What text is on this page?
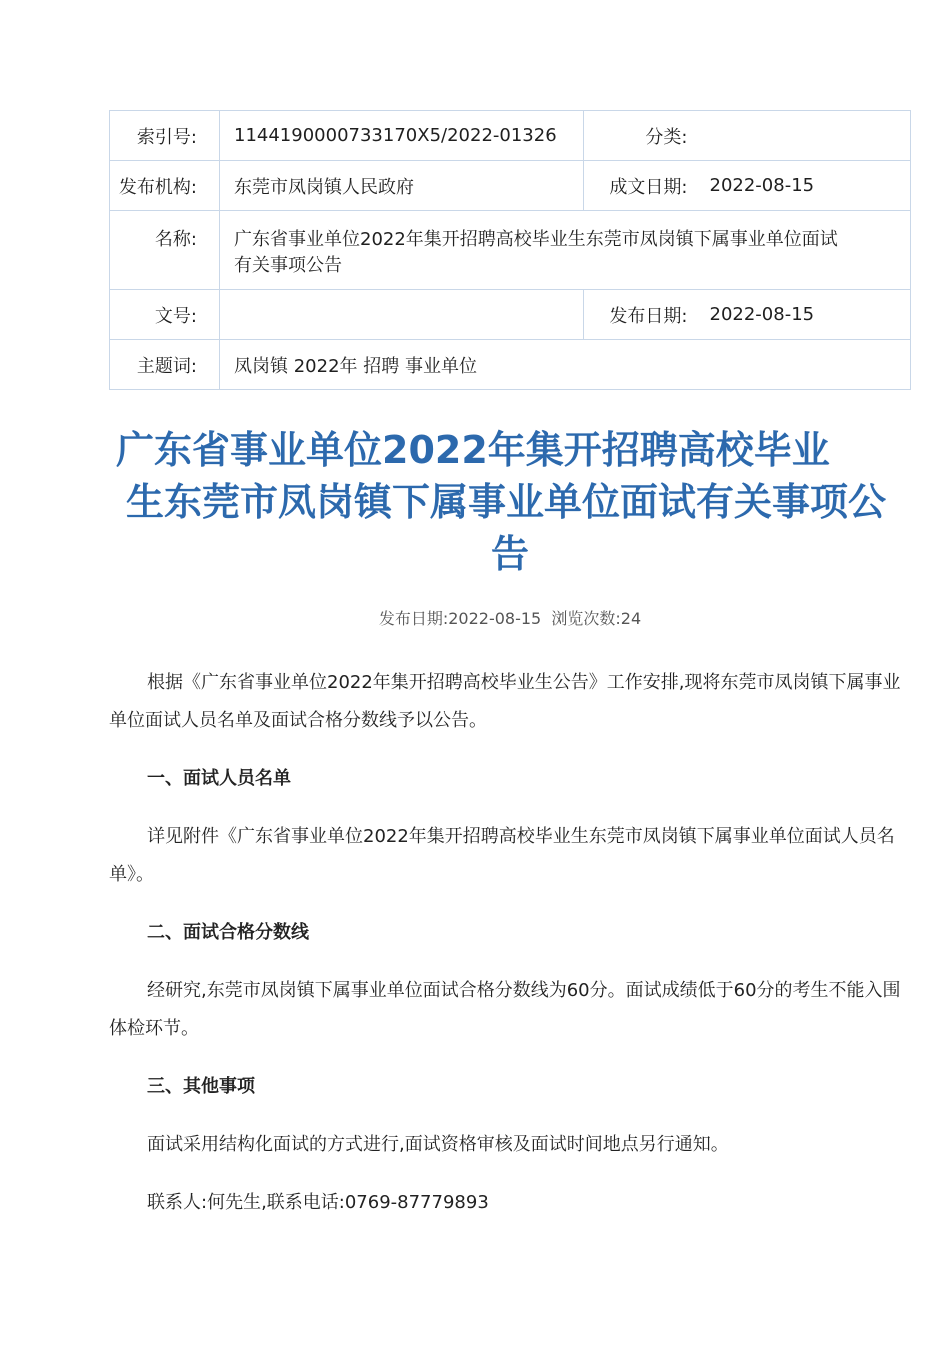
索引号:	1144190000733170X5/2022-01326	分类:	
发布机构:	东莞市凤岗镇人民政府	成文日期:	2022-08-15
名称:	广东省事业单位2022年集开招聘高校毕业生东莞市凤岗镇下属事业单位面试有关事项公告		
文号:		发布日期:	2022-08-15
主题词:	凤岗镇 2022年 招聘 事业单位		
广东省事业单位2022年集开招聘高校毕业
生东莞市凤岗镇下属事业单位面试有关事项公
告
发布日期:2022-08-15 浏览次数:24

根据《广东省事业单位2022年集开招聘高校毕业生公告》工作安排,现将东莞市凤岗镇下属事业单位面试人员名单及面试合格分数线予以公告。

一、面试人员名单

详见附件《广东省事业单位2022年集开招聘高校毕业生东莞市凤岗镇下属事业单位面试人员名单》。

二、面试合格分数线

经研究,东莞市凤岗镇下属事业单位面试合格分数线为60分。面试成绩低于60分的考生不能入围体检环节。

三、其他事项

面试采用结构化面试的方式进行,面试资格审核及面试时间地点另行通知。

联系人:何先生,联系电话:0769-87779893
